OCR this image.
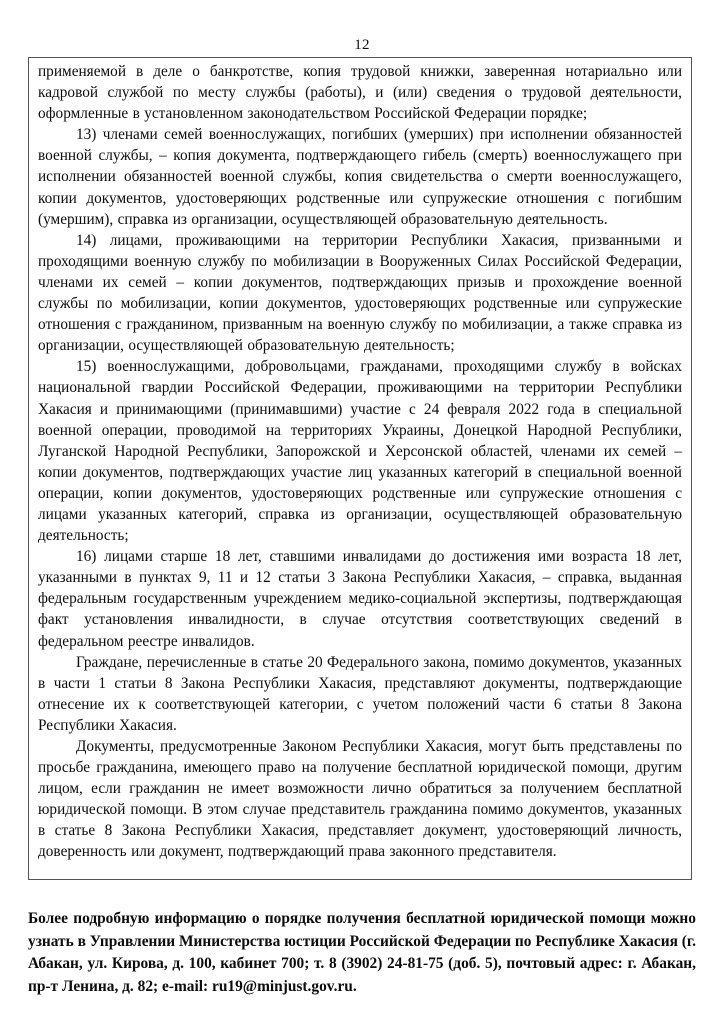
12

применяемой в деле о банкротстве, копия трудовой книжки, заверенная нотариально или кадровой службой по месту службы (работы), и (или) сведения о трудовой деятельности, оформленные в установленном законодательством Российской Федерации порядке;

13) членами семей военнослужащих, погибших (умерших) при исполнении обязанностей военной службы, – копия документа, подтверждающего гибель (смерть) военнослужащего при исполнении обязанностей военной службы, копия свидетельства о смерти военнослужащего, копии документов, удостоверяющих родственные или супружеские отношения с погибшим (умершим), справка из организации, осуществляющей образовательную деятельность.

14) лицами, проживающими на территории Республики Хакасия, призванными и проходящими военную службу по мобилизации в Вооруженных Силах Российской Федерации, членами их семей – копии документов, подтверждающих призыв и прохождение военной службы по мобилизации, копии документов, удостоверяющих родственные или супружеские отношения с гражданином, призванным на военную службу по мобилизации, а также справка из организации, осуществляющей образовательную деятельность;

15) военнослужащими, добровольцами, гражданами, проходящими службу в войсках национальной гвардии Российской Федерации, проживающими на территории Республики Хакасия и принимающими (принимавшими) участие с 24 февраля 2022 года в специальной военной операции, проводимой на территориях Украины, Донецкой Народной Республики, Луганской Народной Республики, Запорожской и Херсонской областей, членами их семей – копии документов, подтверждающих участие лиц указанных категорий в специальной военной операции, копии документов, удостоверяющих родственные или супружеские отношения с лицами указанных категорий, справка из организации, осуществляющей образовательную деятельность;

16) лицами старше 18 лет, ставшими инвалидами до достижения ими возраста 18 лет, указанными в пунктах 9, 11 и 12 статьи 3 Закона Республики Хакасия, – справка, выданная федеральным государственным учреждением медико-социальной экспертизы, подтверждающая факт установления инвалидности, в случае отсутствия соответствующих сведений в федеральном реестре инвалидов.

Граждане, перечисленные в статье 20 Федерального закона, помимо документов, указанных в части 1 статьи 8 Закона Республики Хакасия, представляют документы, подтверждающие отнесение их к соответствующей категории, с учетом положений части 6 статьи 8 Закона Республики Хакасия.

Документы, предусмотренные Законом Республики Хакасия, могут быть представлены по просьбе гражданина, имеющего право на получение бесплатной юридической помощи, другим лицом, если гражданин не имеет возможности лично обратиться за получением бесплатной юридической помощи. В этом случае представитель гражданина помимо документов, указанных в статье 8 Закона Республики Хакасия, представляет документ, удостоверяющий личность, доверенность или документ, подтверждающий права законного представителя.

Более подробную информацию о порядке получения бесплатной юридической помощи можно узнать в Управлении Министерства юстиции Российской Федерации по Республике Хакасия (г. Абакан, ул. Кирова, д. 100, кабинет 700; т. 8 (3902) 24-81-75 (доб. 5), почтовый адрес: г. Абакан, пр-т Ленина, д. 82; e-mail: ru19@minjust.gov.ru.
